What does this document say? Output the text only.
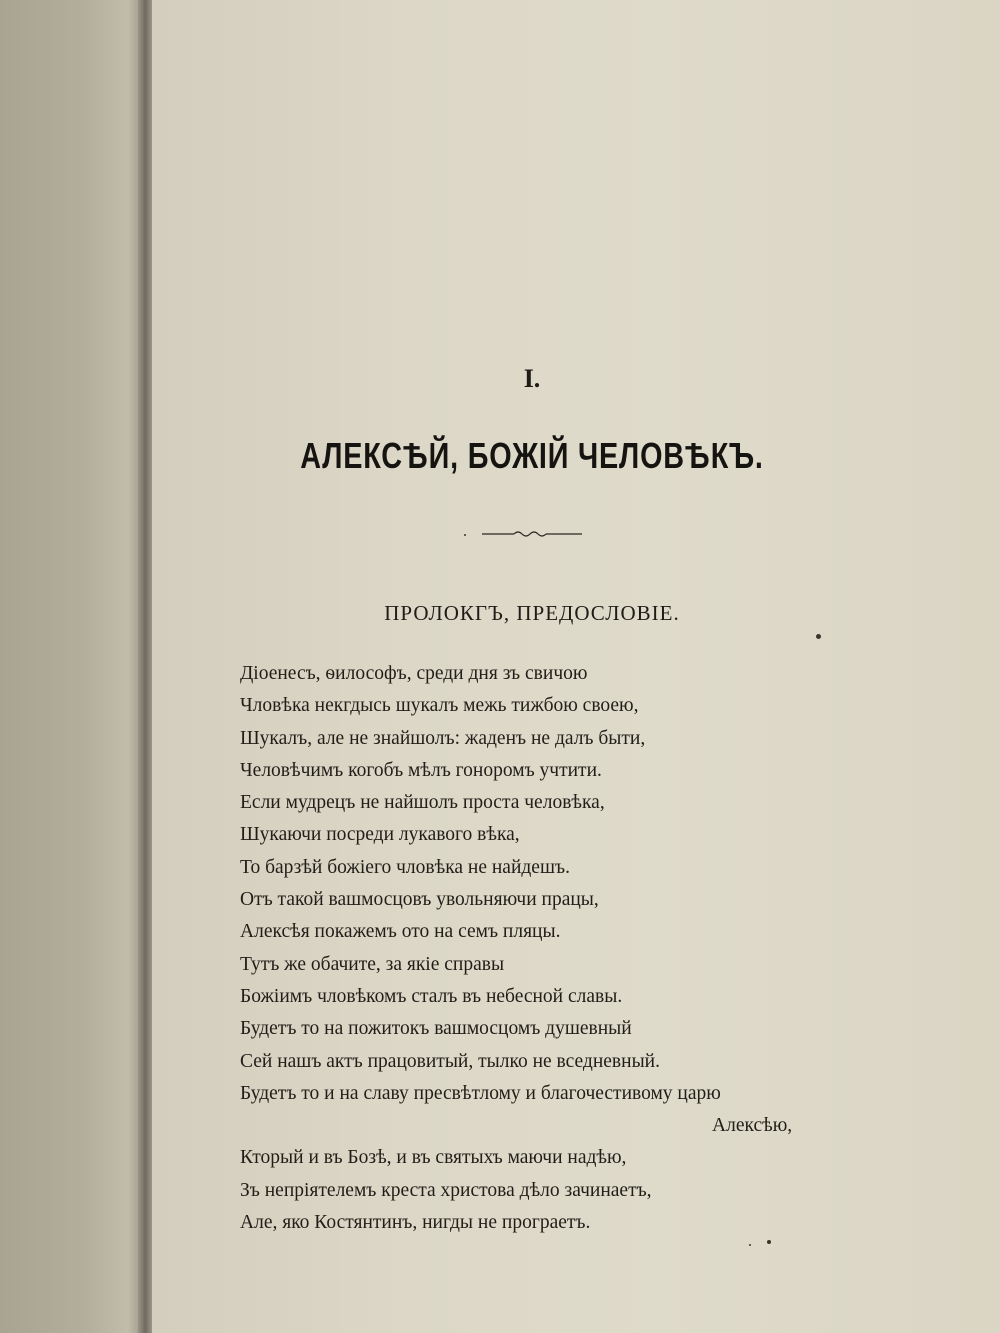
I.
АЛЕКСѢЙ, БОЖІЙ ЧЕЛОВѢКЪ.
ПРОЛОКГЪ, ПРЕДОСЛОВІЕ.
Діоенесъ, ѳилософъ, среди дня зъ свичою
Чловѣка некгдысь шукалъ межь тижбою своею,
Шукалъ, але не знайшолъ: жаденъ не далъ быти,
Человѣчимъ когобъ мѣлъ гоноромъ учтити.
Если мудрецъ не найшолъ проста человѣка,
Шукаючи посреди лукавого вѣка,
То барзѣй божіего чловѣка не найдешъ.
Отъ такой вашмосцовъ увольняючи працы,
Алексѣя покажемъ ото на семъ пляцы.
Тутъ же обачите, за якіе справы
Божіимъ чловѣкомъ сталъ въ небесной славы.
Будетъ то на пожитокъ вашмосцомъ душевный
Сей нашъ актъ працовитый, тылко не вседневный.
Будетъ то и на славу пресвѣтлому и благочестивому царю
Алексѣю,
Кторый и въ Бозѣ, и въ святыхъ маючи надѣю,
Зъ непріятелемъ креста христова дѣло зачинаетъ,
Але, яко Костянтинъ, нигды не програетъ.
